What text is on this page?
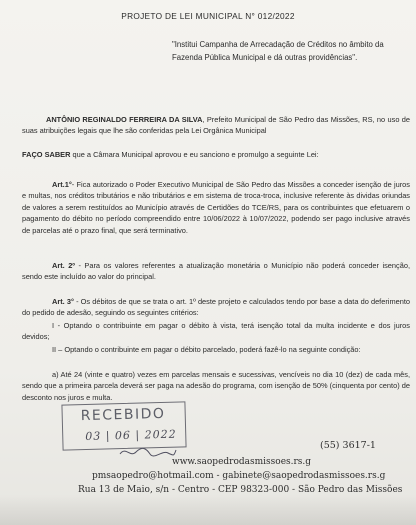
PROJETO DE LEI MUNICIPAL N° 012/2022
"Institui Campanha de Arrecadação de Créditos no âmbito da Fazenda Pública Municipal e dá outras providências".
ANTÔNIO REGINALDO FERREIRA DA SILVA, Prefeito Municipal de São Pedro das Missões, RS, no uso de suas atribuições legais que lhe são conferidas pela Lei Orgânica Municipal
FAÇO SABER que a Câmara Municipal aprovou e eu sanciono e promulgo a seguinte Lei:
Art.1°- Fica autorizado o Poder Executivo Municipal de São Pedro das Missões a conceder isenção de juros e multas, nos créditos tributários e não tributários e em sistema de troca-troca, inclusive referente às dividas oriundas de valores a serem restituídos ao Município através de Certidões do TCE/RS, para os contribuintes que efetuarem o pagamento do débito no período compreendido entre 10/06/2022 à 10/07/2022, podendo ser pago inclusive através de parcelas até o prazo final, que será terminativo.
Art. 2º - Para os valores referentes a atualização monetária o Município não poderá conceder isenção, sendo este incluído ao valor do principal.
Art. 3° - Os débitos de que se trata o art. 1º deste projeto e calculados tendo por base a data do deferimento do pedido de adesão, seguindo os seguintes critérios:
I - Optando o contribuinte em pagar o débito à vista, terá isenção total da multa incidente e dos juros devidos;
II – Optando o contribuinte em pagar o débito parcelado, poderá fazê-lo na seguinte condição:
a) Até 24 (vinte e quatro) vezes em parcelas mensais e sucessivas, vencíveis no dia 10 (dez) de cada mês, sendo que a primeira parcela deverá ser paga na adesão do programa, com isenção de 50% (cinquenta por cento) de desconto nos juros e multa.
RECEBIDO
03 | 06 | 2022
(55) 3617-1
www.saopedrodasmissoes.rs.g
pmsaopedro@hotmail.com - gabinete@saopedrodasmissoes.rs.g
Rua 13 de Maio, s/n - Centro - CEP 98323-000 - São Pedro das Missões
